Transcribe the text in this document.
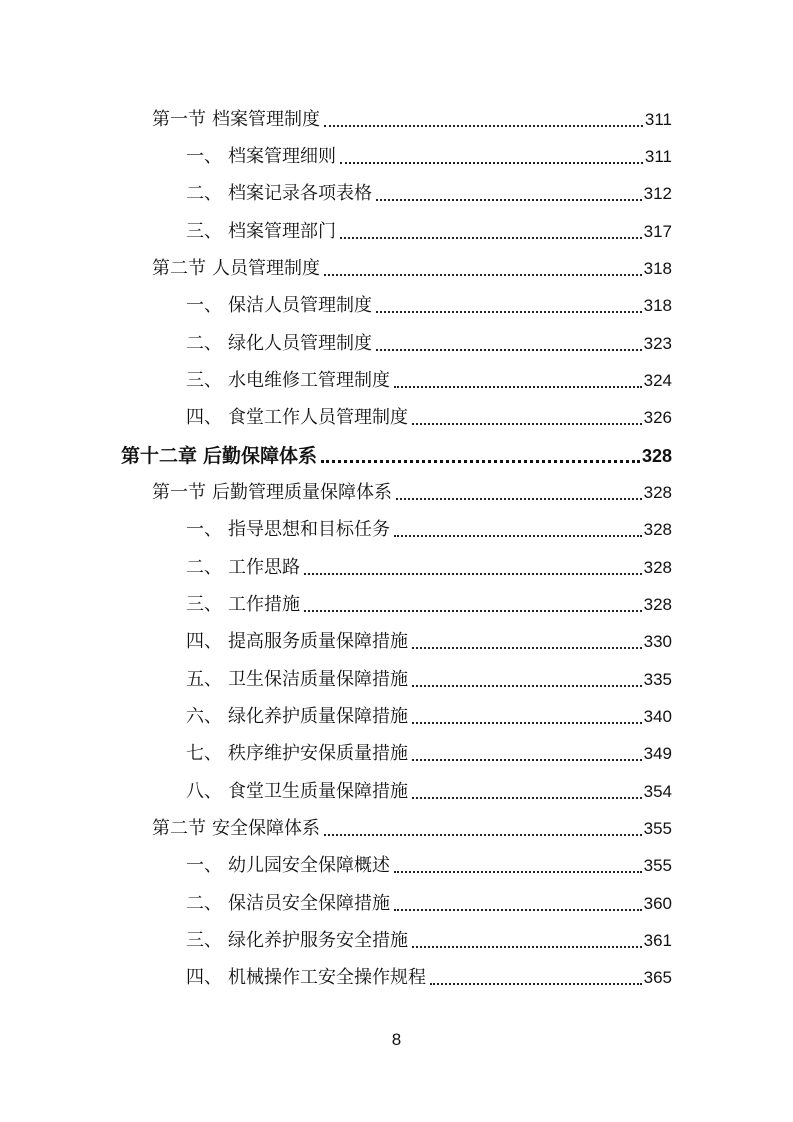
第一节 档案管理制度	311
一、 档案管理细则	311
二、 档案记录各项表格	312
三、 档案管理部门	317
第二节 人员管理制度	318
一、 保洁人员管理制度	318
二、 绿化人员管理制度	323
三、 水电维修工管理制度	324
四、 食堂工作人员管理制度	326
第十二章 后勤保障体系	328
第一节 后勤管理质量保障体系	328
一、 指导思想和目标任务	328
二、 工作思路	328
三、 工作措施	328
四、 提高服务质量保障措施	330
五、 卫生保洁质量保障措施	335
六、 绿化养护质量保障措施	340
七、 秩序维护安保质量措施	349
八、 食堂卫生质量保障措施	354
第二节 安全保障体系	355
一、 幼儿园安全保障概述	355
二、 保洁员安全保障措施	360
三、 绿化养护服务安全措施	361
四、 机械操作工安全操作规程	365
8
